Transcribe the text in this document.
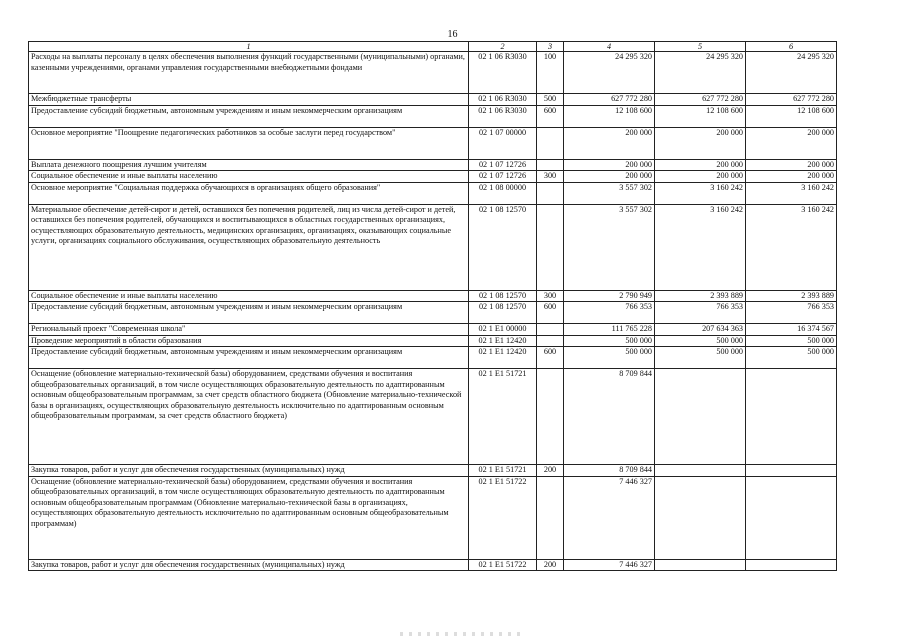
16
1	2	3	4	5	6
Расходы на выплаты персоналу в целях обеспечения выполнения функций государственными (муниципальными) органами, казенными учреждениями, органами управления государственными внебюджетными фондами	02 1 06 R3030	100	24 295 320	24 295 320	24 295 320
Межбюджетные трансферты	02 1 06 R3030	500	627 772 280	627 772 280	627 772 280
Предоставление субсидий бюджетным, автономным учреждениям и иным некоммерческим организациям	02 1 06 R3030	600	12 108 600	12 108 600	12 108 600
Основное мероприятие "Поощрение педагогических работников за особые заслуги перед государством"	02 1 07 00000		200 000	200 000	200 000
Выплата денежного поощрения лучшим учителям	02 1 07 12726		200 000	200 000	200 000
Социальное обеспечение и иные выплаты населению	02 1 07 12726	300	200 000	200 000	200 000
Основное мероприятие "Социальная поддержка обучающихся в организациях общего образования"	02 1 08 00000		3 557 302	3 160 242	3 160 242
Материальное обеспечение детей-сирот и детей, оставшихся без попечения родителей, лиц из числа детей-сирот и детей, оставшихся без попечения родителей, обучающихся и воспитывающихся в областных государственных организациях, осуществляющих образовательную деятельность, медицинских организациях, организациях, оказывающих социальные услуги, организациях социального обслуживания, осуществляющих образовательную деятельность	02 1 08 12570		3 557 302	3 160 242	3 160 242
Социальное обеспечение и иные выплаты населению	02 1 08 12570	300	2 790 949	2 393 889	2 393 889
Предоставление субсидий бюджетным, автономным учреждениям и иным некоммерческим организациям	02 1 08 12570	600	766 353	766 353	766 353
Региональный проект "Современная школа"	02 1 E1 00000		111 765 228	207 634 363	16 374 567
Проведение мероприятий в области образования	02 1 E1 12420		500 000	500 000	500 000
Предоставление субсидий бюджетным, автономным учреждениям и иным некоммерческим организациям	02 1 E1 12420	600	500 000	500 000	500 000
Оснащение (обновление материально-технической базы) оборудованием, средствами обучения и воспитания общеобразовательных организаций, в том числе осуществляющих образовательную деятельность по адаптированным основным общеобразовательным программам, за счет средств областного бюджета (Обновление материально-технической базы в организациях, осуществляющих образовательную деятельность исключительно по адаптированным основным общеобразовательным программам, за счет средств областного бюджета)	02 1 E1 51721		8 709 844		
Закупка товаров, работ и услуг для обеспечения государственных (муниципальных) нужд	02 1 E1 51721	200	8 709 844		
Оснащение (обновление материально-технической базы) оборудованием, средствами обучения и воспитания общеобразовательных организаций, в том числе осуществляющих образовательную деятельность по адаптированным основным общеобразовательным программам (Обновление материально-технической базы в организациях, осуществляющих образовательную деятельность исключительно по адаптированным основным общеобразовательным программам)	02 1 E1 51722		7 446 327		
Закупка товаров, работ и услуг для обеспечения государственных (муниципальных) нужд	02 1 E1 51722	200	7 446 327		
